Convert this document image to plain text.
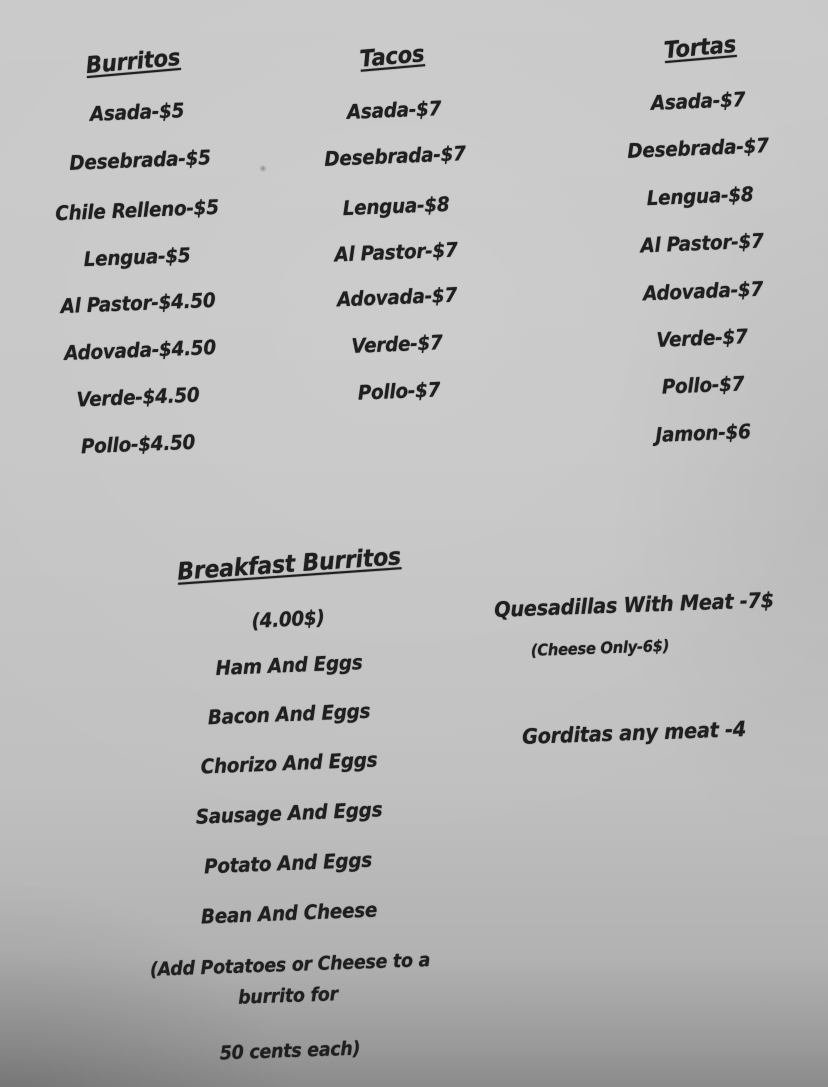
Burritos
Asada-$5
Desebrada-$5
Chile Relleno-$5
Lengua-$5
Al Pastor-$4.50
Adovada-$4.50
Verde-$4.50
Pollo-$4.50
Tacos
Asada-$7
Desebrada-$7
Lengua-$8
Al Pastor-$7
Adovada-$7
Verde-$7
Pollo-$7
Tortas
Asada-$7
Desebrada-$7
Lengua-$8
Al Pastor-$7
Adovada-$7
Verde-$7
Pollo-$7
Jamon-$6
Breakfast Burritos
(4.00$)
Ham And Eggs
Bacon And Eggs
Chorizo And Eggs
Sausage And Eggs
Potato And Eggs
Bean And Cheese
(Add Potatoes or Cheese to a
burrito for
50 cents each)
Quesadillas With Meat -7$
(Cheese Only-6$)
Gorditas any meat -4
